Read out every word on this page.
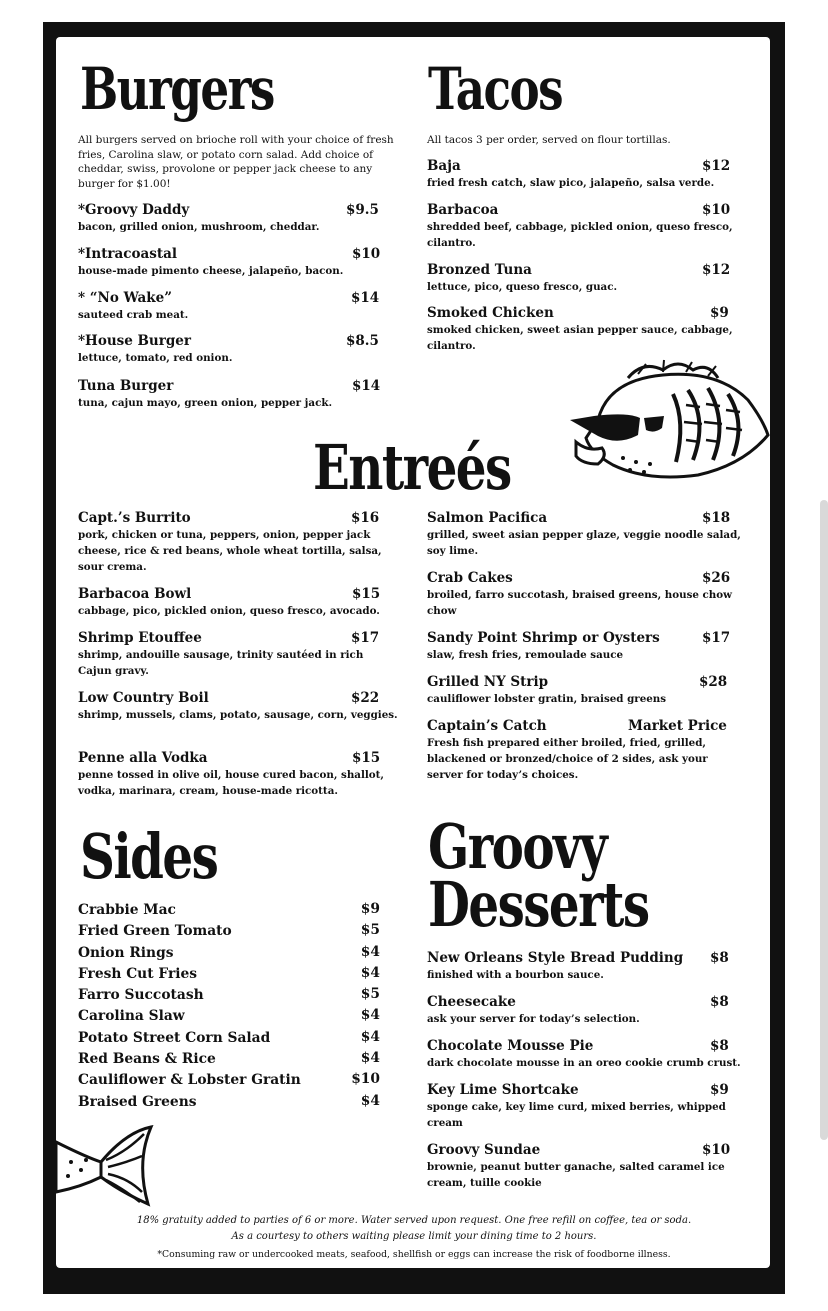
Burgers
All burgers served on brioche roll with your choice of fresh fries, Carolina slaw, or potato corn salad. Add choice of cheddar, swiss, provolone or pepper jack cheese to any burger for $1.00!
*Groovy Daddy	$9.5
bacon, grilled onion, mushroom, cheddar.
*Intracoastal	$10
house-made pimento cheese, jalapeño, bacon.
* “No Wake”	$14
sauteed crab meat.
*House Burger	$8.5
lettuce, tomato, red onion.
Tuna Burger	$14
tuna, cajun mayo, green onion, pepper jack.
Tacos
All tacos 3 per order, served on flour tortillas.
Baja	$12
fried fresh catch, slaw pico, jalapeño, salsa verde.
Barbacoa	$10
shredded beef, cabbage, pickled onion, queso fresco, cilantro.
Bronzed Tuna	$12
lettuce, pico, queso fresco, guac.
Smoked Chicken	$9
smoked chicken, sweet asian pepper sauce, cabbage, cilantro.
Entreés
Capt.’s Burrito	$16
pork, chicken or tuna, peppers, onion, pepper jack cheese, rice & red beans, whole wheat tortilla, salsa, sour crema.
Barbacoa Bowl	$15
cabbage, pico, pickled onion, queso fresco, avocado.
Shrimp Etouffee	$17
shrimp, andouille sausage, trinity sautéed in rich Cajun gravy.
Low Country Boil	$22
shrimp, mussels, clams, potato, sausage, corn, veggies.
Penne alla Vodka	$15
penne tossed in olive oil, house cured bacon, shallot, vodka, marinara, cream, house-made ricotta.
Salmon Pacifica	$18
grilled, sweet asian pepper glaze, veggie noodle salad, soy lime.
Crab Cakes	$26
broiled, farro succotash, braised greens, house chow chow
Sandy Point Shrimp or Oysters	$17
slaw, fresh fries, remoulade sauce
Grilled NY Strip	$28
cauliflower lobster gratin, braised greens
Captain’s Catch	Market Price
Fresh fish prepared either broiled, fried, grilled, blackened or bronzed/choice of 2 sides, ask your server for today’s choices.
Sides
Crabbie Mac	$9
Fried Green Tomato	$5
Onion Rings	$4
Fresh Cut Fries	$4
Farro Succotash	$5
Carolina Slaw	$4
Potato Street Corn Salad	$4
Red Beans & Rice	$4
Cauliflower & Lobster Gratin	$10
Braised Greens	$4
Groovy
Desserts
New Orleans Style Bread Pudding	$8
finished with a bourbon sauce.
Cheesecake	$8
ask your server for today’s selection.
Chocolate Mousse Pie	$8
dark chocolate mousse in an oreo cookie crumb crust.
Key Lime Shortcake	$9
sponge cake, key lime curd, mixed berries, whipped cream
Groovy Sundae	$10
brownie, peanut butter ganache, salted caramel ice cream, tuille cookie
18% gratuity added to parties of 6 or more. Water served upon request. One free refill on coffee, tea or soda.
As a courtesy to others waiting please limit your dining time to 2 hours.
*Consuming raw or undercooked meats, seafood, shellfish or eggs can increase the risk of foodborne illness.
